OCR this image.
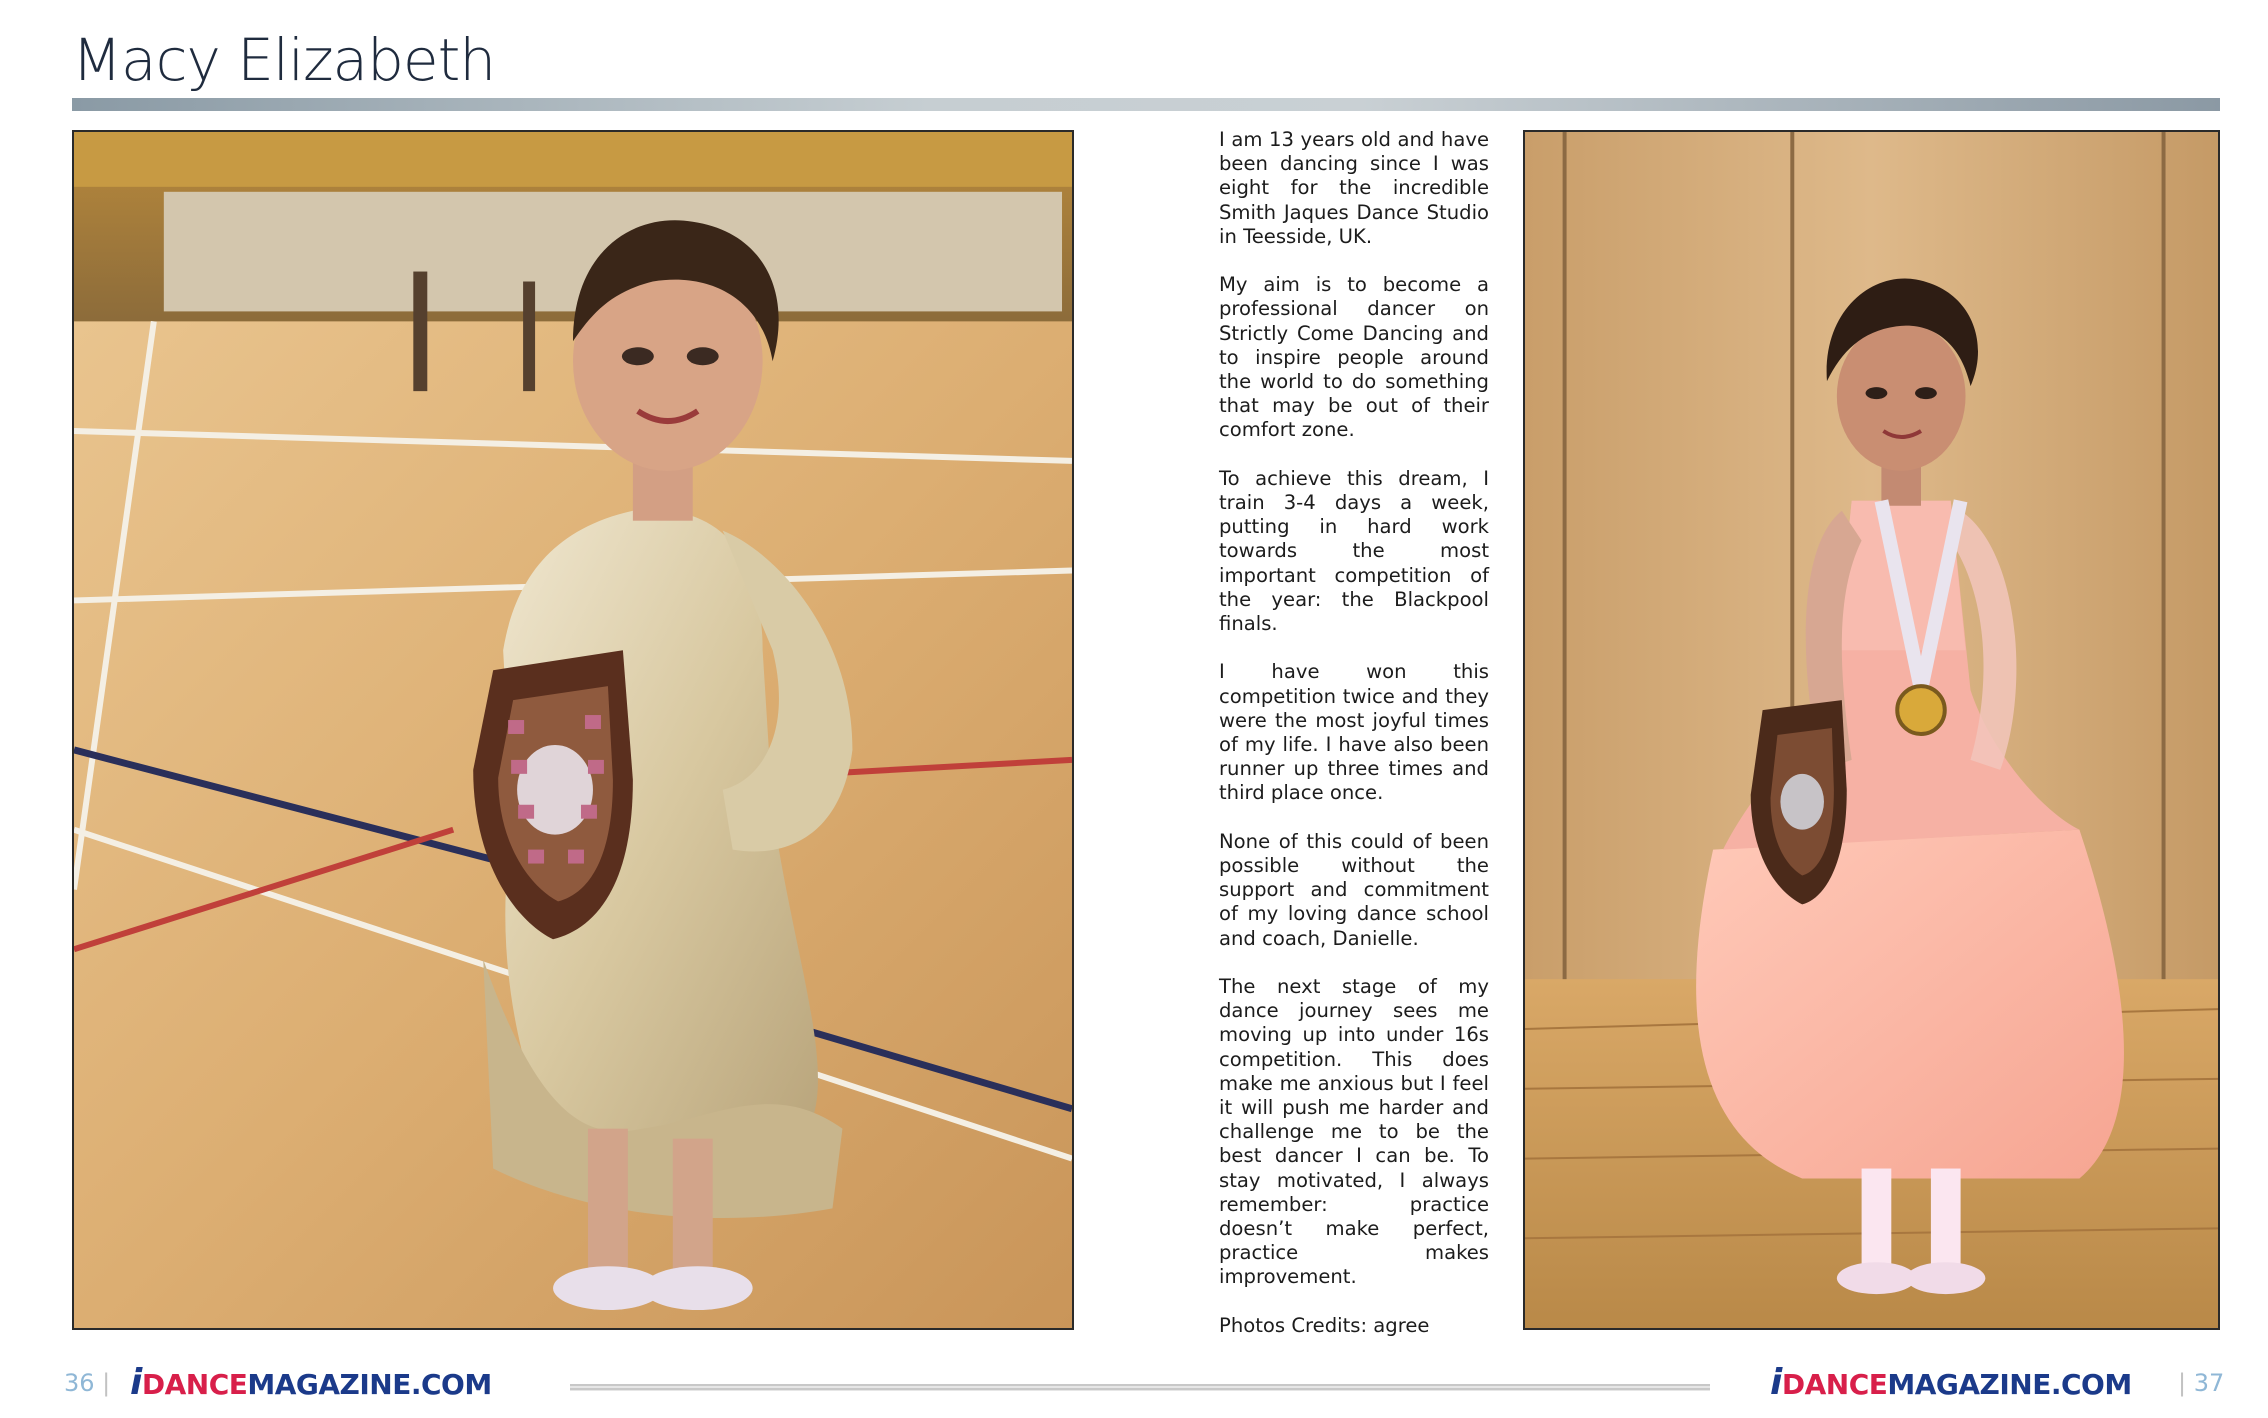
Macy Elizabeth

I am 13 years old and have been dancing since I was eight for the incredible Smith Jaques Dance Studio in Teesside, UK.

My aim is to become a professional dancer on Strictly Come Dancing and to inspire people around the world to do something that may be out of their comfort zone.

To achieve this dream, I train 3-4 days a week, putting in hard work towards the most important competition of the year: the Blackpool finals.

I have won this competition twice and they were the most joyful times of my life. I have also been runner up three times and third place once.

None of this could of been possible without the support and commitment of my loving dance school and coach, Danielle.

The next stage of my dance journey sees me moving up into under 16s competition. This does make me anxious but I feel it will push me harder and challenge me to be the best dancer I can be. To stay motivated, I always remember: practice doesn’t make perfect, practice makes improvement.

Photos Credits: agree

36 | iDANCEMAGAZINE.COM	iDANCEMAGAZINE.COM | 37
